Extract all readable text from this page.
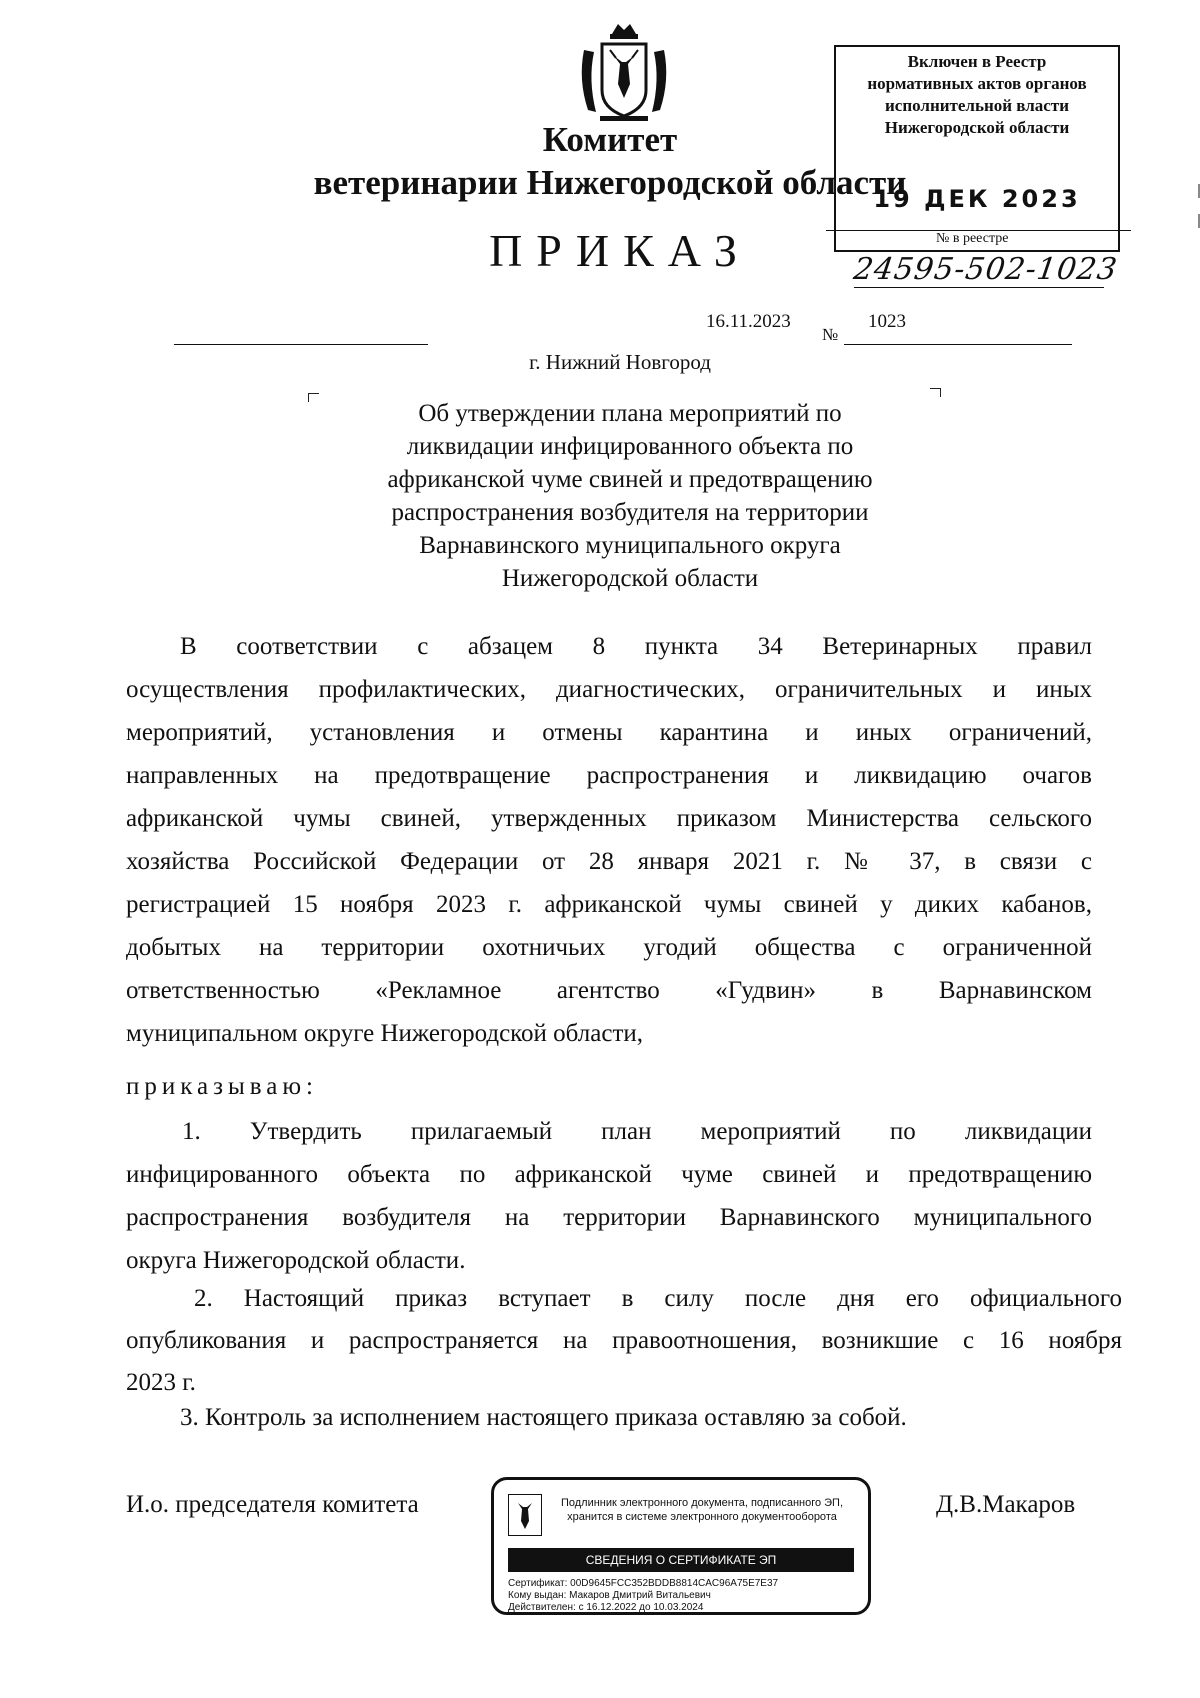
Комитет
ветеринарии Нижегородской области
ПРИКАЗ
Включен в Реестр
нормативных актов органов
исполнительной власти
Нижегородской области
19 ДЕК 2023
№ в реестре
24595-502-1023
16.11.2023
№
1023
г. Нижний Новгород
Об утверждении плана мероприятий по
ликвидации инфицированного объекта по
африканской чуме свиней и предотвращению
распространения возбудителя на территории
Варнавинского муниципального округа
Нижегородской области
В соответствии с абзацем 8 пункта 34 Ветеринарных правил
осуществления профилактических, диагностических, ограничительных и иных
мероприятий, установления и отмены карантина и иных ограничений,
направленных на предотвращение распространения и ликвидацию очагов
африканской чумы свиней, утвержденных приказом Министерства сельского
хозяйства Российской Федерации от 28 января 2021 г. № 37, в связи с
регистрацией 15 ноября 2023 г. африканской чумы свиней у диких кабанов,
добытых на территории охотничьих угодий общества с ограниченной
ответственностью «Рекламное агентство «Гудвин» в Варнавинском
муниципальном округе Нижегородской области,
приказываю:
1. Утвердить прилагаемый план мероприятий по ликвидации
инфицированного объекта по африканской чуме свиней и предотвращению
распространения возбудителя на территории Варнавинского муниципального
округа Нижегородской области.
2. Настоящий приказ вступает в силу после дня его официального
опубликования и распространяется на правоотношения, возникшие с 16 ноября
2023 г.
3. Контроль за исполнением настоящего приказа оставляю за собой.
И.о. председателя комитета	Д.В.Макаров
Подлинник электронного документа, подписанного ЭП, хранится в системе электронного документооборота
СВЕДЕНИЯ О СЕРТИФИКАТЕ ЭП
Сертификат: 00D9645FCC352BDDB8814CAC96A75E7E37
Кому выдан: Макаров Дмитрий Витальевич
Действителен: с 16.12.2022 до 10.03.2024
